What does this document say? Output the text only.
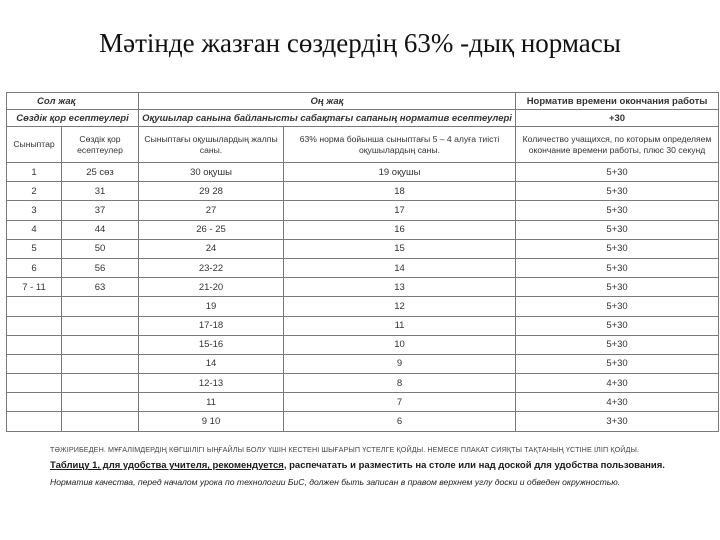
Мәтінде жазған сөздердің 63% -дық нормасы
Сол жақ		Оң жақ		Норматив времени окончания работы
Сөздік қор есептеулері		Оқушылар санына байланысты сабақтағы сапаның норматив есептеулері		+30
Сыныптар	Сөздік қор есептеулер	Сыныптағы оқушылардың жалпы саны.	63% норма бойынша сыныптағы 5 – 4 алуға тиісті оқушылардың саны.	Количество учащихся, по которым определяем окончание времени работы, плюс 30 секунд
1	25 сөз	30 оқушы	19 оқушы	5+30
2	31	29 28	18	5+30
3	37	27	17	5+30
4	44	26 - 25	16	5+30
5	50	24	15	5+30
6	56	23-22	14	5+30
7 - 11	63	21-20	13	5+30
		19	12	5+30
		17-18	11	5+30
		15-16	10	5+30
		14	9	5+30
		12-13	8	4+30
		11	7	4+30
		9 10	6	3+30
ТӘЖІРИБЕДЕН. МҰҒАЛІМДЕРДІҢ КӨГШІЛІГІ ЫҢҒАЙЛЫ БОЛУ ҮШІН КЕСТЕНІ ШЫҒАРЫП ҮСТЕЛГЕ ҚОЙДЫ. НЕМЕСЕ ПЛАКАТ СИЯҚТЫ ТАҚТАНЫҢ ҮСТІНЕ ІЛІП ҚОЙДЫ.
Таблицу 1, для удобства учителя, рекомендуется, распечатать и разместить на столе или над доской для удобства пользования.
Норматив качества, перед началом урока по технологии БиС, должен быть записан в правом верхнем углу доски и обведен окружностью.
